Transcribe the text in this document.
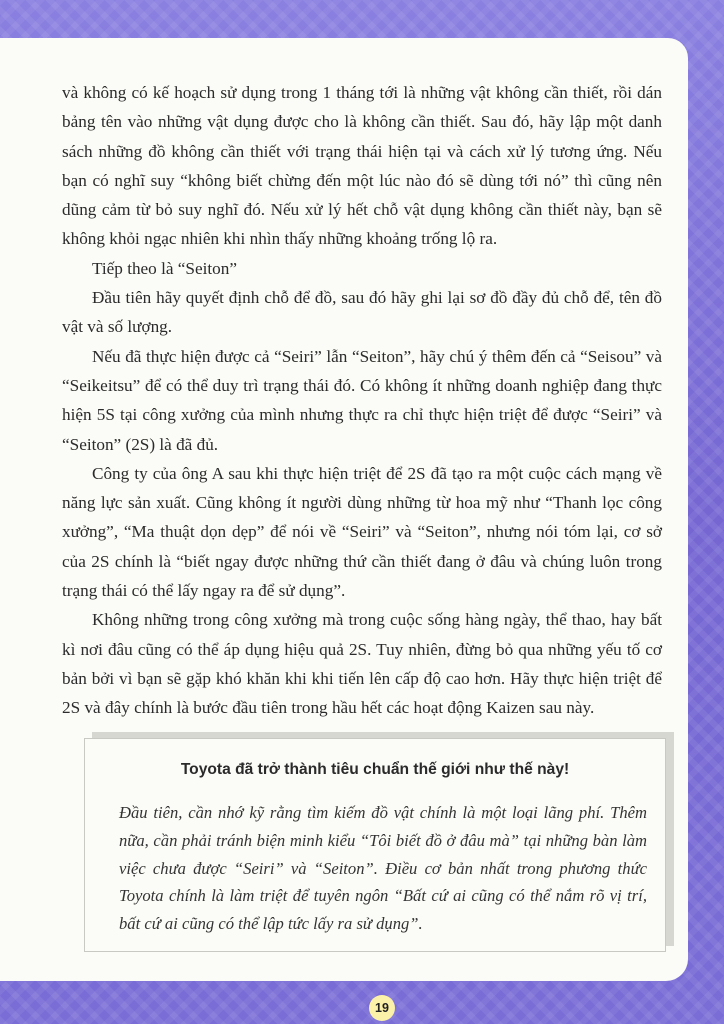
và không có kế hoạch sử dụng trong 1 tháng tới là những vật không cần thiết, rồi dán bảng tên vào những vật dụng được cho là không cần thiết. Sau đó, hãy lập một danh sách những đồ không cần thiết với trạng thái hiện tại và cách xử lý tương ứng. Nếu bạn có nghĩ suy “không biết chừng đến một lúc nào đó sẽ dùng tới nó” thì cũng nên dũng cảm từ bỏ suy nghĩ đó. Nếu xử lý hết chỗ vật dụng không cần thiết này, bạn sẽ không khỏi ngạc nhiên khi nhìn thấy những khoảng trống lộ ra.

Tiếp theo là “Seiton”

Đầu tiên hãy quyết định chỗ để đồ, sau đó hãy ghi lại sơ đồ đầy đủ chỗ để, tên đồ vật và số lượng.

Nếu đã thực hiện được cả “Seiri” lẫn “Seiton”, hãy chú ý thêm đến cả “Seisou” và “Seikeitsu” để có thể duy trì trạng thái đó. Có không ít những doanh nghiệp đang thực hiện 5S tại công xưởng của mình nhưng thực ra chỉ thực hiện triệt để được “Seiri” và “Seiton” (2S) là đã đủ.

Công ty của ông A sau khi thực hiện triệt để 2S đã tạo ra một cuộc cách mạng về năng lực sản xuất. Cũng không ít người dùng những từ hoa mỹ như “Thanh lọc công xưởng”, “Ma thuật dọn dẹp” để nói về “Seiri” và “Seiton”, nhưng nói tóm lại, cơ sở của 2S chính là “biết ngay được những thứ cần thiết đang ở đâu và chúng luôn trong trạng thái có thể lấy ngay ra để sử dụng”.

Không những trong công xưởng mà trong cuộc sống hàng ngày, thể thao, hay bất kì nơi đâu cũng có thể áp dụng hiệu quả 2S. Tuy nhiên, đừng bỏ qua những yếu tố cơ bản bởi vì bạn sẽ gặp khó khăn khi khi tiến lên cấp độ cao hơn. Hãy thực hiện triệt để 2S và đây chính là bước đầu tiên trong hầu hết các hoạt động Kaizen sau này.

Toyota đã trở thành tiêu chuẩn thế giới như thế này!
Đầu tiên, cần nhớ kỹ rằng tìm kiếm đồ vật chính là một loại lãng phí. Thêm nữa, cần phải tránh biện minh kiểu “Tôi biết đồ ở đâu mà” tại những bàn làm việc chưa được “Seiri” và “Seiton”. Điều cơ bản nhất trong phương thức Toyota chính là làm triệt để tuyên ngôn “Bất cứ ai cũng có thể nắm rõ vị trí, bất cứ ai cũng có thể lập tức lấy ra sử dụng”.
19
